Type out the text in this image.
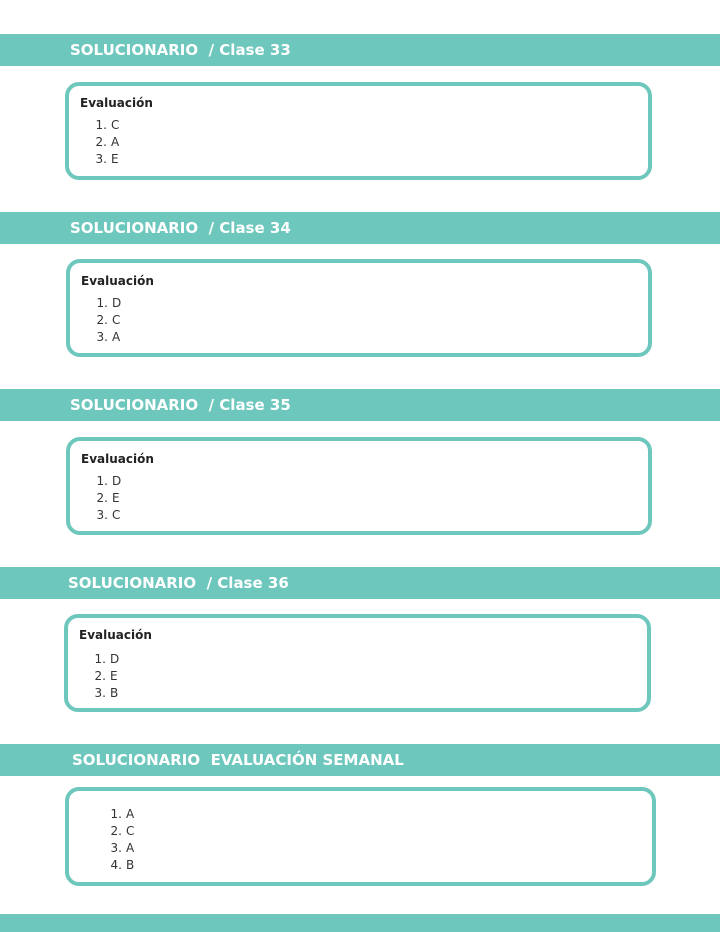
SOLUCIONARIO  / Clase 33
Evaluación
1. C
2. A
3. E
SOLUCIONARIO  / Clase 34
Evaluación
1. D
2. C
3. A
SOLUCIONARIO  / Clase 35
Evaluación
1. D
2. E
3. C
SOLUCIONARIO  / Clase 36
Evaluación
1. D
2. E
3. B
SOLUCIONARIO  EVALUACIÓN SEMANAL
1. A
2. C
3. A
4. B
